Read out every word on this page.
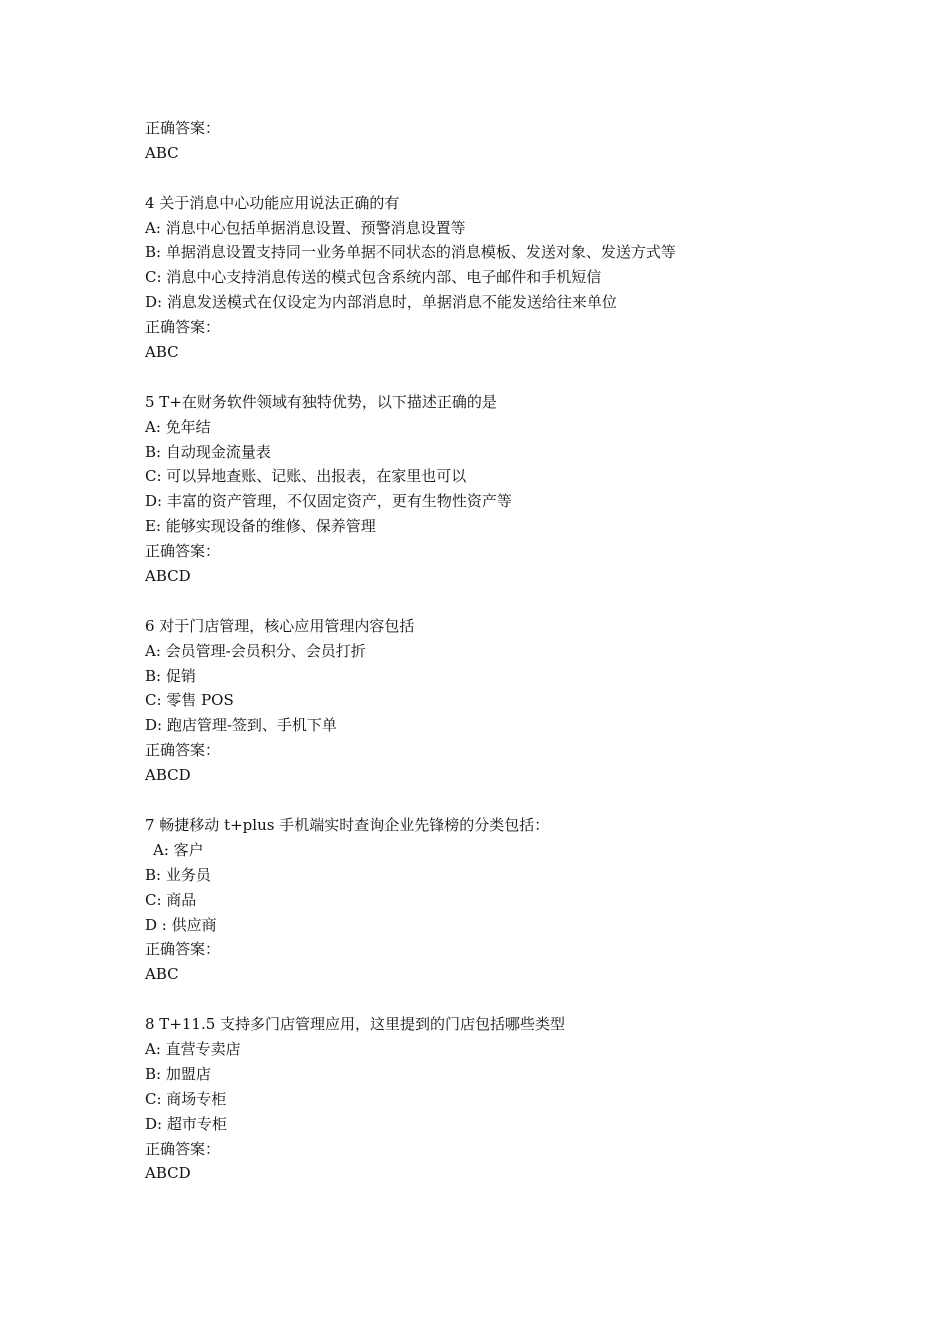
正确答案：
ABC
4 关于消息中心功能应用说法正确的有
A: 消息中心包括单据消息设置、预警消息设置等
B: 单据消息设置支持同一业务单据不同状态的消息模板、发送对象、发送方式等
C: 消息中心支持消息传送的模式包含系统内部、电子邮件和手机短信
D: 消息发送模式在仅设定为内部消息时，单据消息不能发送给往来单位
正确答案：
ABC
5 T+在财务软件领域有独特优势，以下描述正确的是
A: 免年结
B: 自动现金流量表
C: 可以异地查账、记账、出报表，在家里也可以
D: 丰富的资产管理，不仅固定资产，更有生物性资产等
E: 能够实现设备的维修、保养管理
正确答案：
ABCD
6 对于门店管理，核心应用管理内容包括
A: 会员管理-会员积分、会员打折
B: 促销
C: 零售 POS
D: 跑店管理-签到、手机下单
正确答案：
ABCD
7 畅捷移动 t+plus 手机端实时查询企业先锋榜的分类包括：
A: 客户
B: 业务员
C: 商品
D : 供应商
正确答案：
ABC
8 T+11.5 支持多门店管理应用，这里提到的门店包括哪些类型
A: 直营专卖店
B: 加盟店
C: 商场专柜
D: 超市专柜
正确答案：
ABCD
